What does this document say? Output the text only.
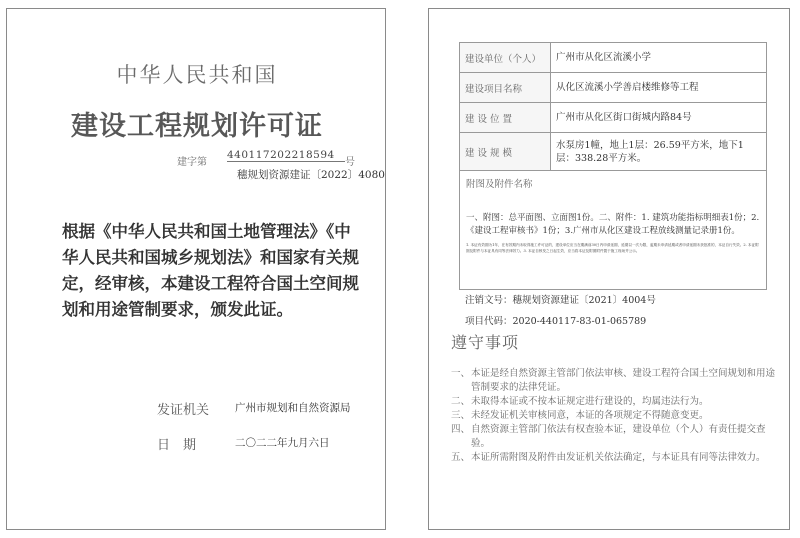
中华人民共和国
建设工程规划许可证
建字第
440117202218594
号
穗规划资源建证〔2022〕4080
根据《中华人民共和国土地管理法》《中华人民共和国城乡规划法》和国家有关规定，经审核，本建设工程符合国土空间规划和用途管制要求，颁发此证。
发证机关 广州市规划和自然资源局
日　期	二〇二二年九月六日
建设单位（个人）	广州市从化区流溪小学
建设项目名称	从化区流溪小学善启楼维修等工程
建 设 位 置	广州市从化区街口街城内路84号
建 设 规 模	水泵房1幢，地上1层：26.59平方米，地下1层：338.28平方米。
附图及附件名称
一、附图：总平面图、立面图1份。二、附件：1. 建筑功能指标明细表1份；2.《建设工程审核书》1份；3.广州市从化区建设工程放线测量记录册1份。
1. 本证有效期为1年，在有效期内未取得施工许可证的，建设单位应当在期满前30日内申请延期，延期以一次为限，逾期未申请延期或者申请延期未获批准的，本证自行失效。2. 本证附图及附件与本证具有同等法律效力。3. 本证自核发之日起生效，应当将本证及附图附件置于施工现场并公示。
注销文号：穗规划资源建证〔2021〕4004号
项目代码：2020-440117-83-01-065789
遵守事项
一、 本证是经自然资源主管部门依法审核、建设工程符合国土空间规划和用途管制要求的法律凭证。
二、 未取得本证或不按本证规定进行建设的，均属违法行为。
三、 未经发证机关审核同意，本证的各项规定不得随意变更。
四、 自然资源主管部门依法有权查验本证，建设单位（个人）有责任提交查验。
五、 本证所需附图及附件由发证机关依法确定，与本证具有同等法律效力。
